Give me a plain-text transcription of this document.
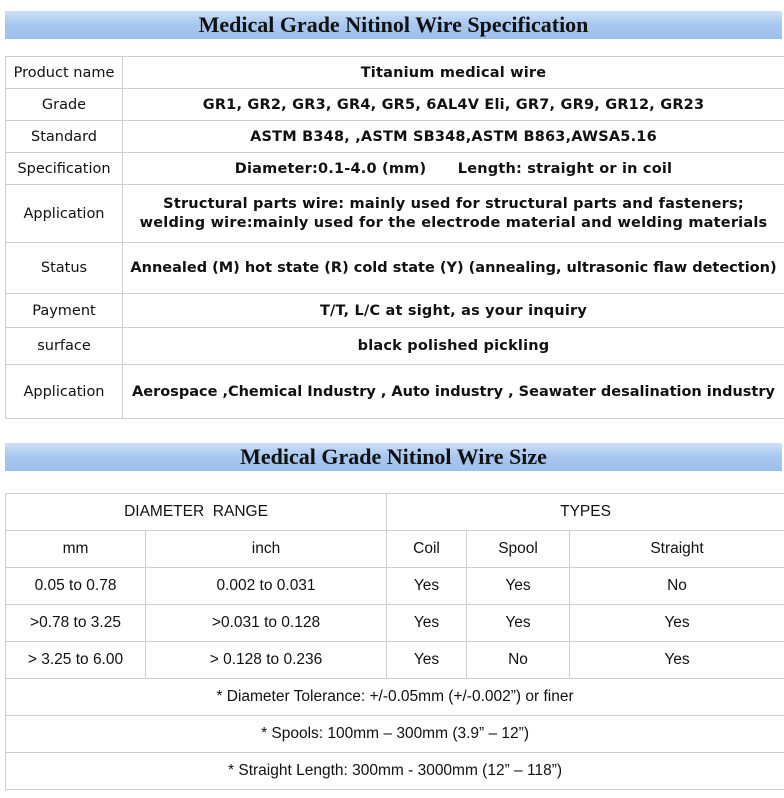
Medical Grade Nitinol Wire Specification
Product name	Titanium medical wire
Grade	GR1, GR2, GR3, GR4, GR5, 6AL4V Eli, GR7, GR9, GR12, GR23
Standard	ASTM B348, ,ASTM SB348,ASTM B863,AWSA5.16
Specification	Diameter:0.1-4.0 (mm)      Length: straight or in coil
Application	Structural parts wire: mainly used for structural parts and fasteners;
welding wire:mainly used for the electrode material and welding materials

Status	Annealed (M) hot state (R) cold state (Y) (annealing, ultrasonic flaw detection)
Payment	T/T, L/C at sight, as your inquiry
surface	black polished pickling
Application	Aerospace ,Chemical Industry , Auto industry , Seawater desalination industry
Medical Grade Nitinol Wire Size
DIAMETER  RANGE		TYPES		
mm	inch	Coil	Spool	Straight
0.05 to 0.78	0.002 to 0.031	Yes	Yes	No
>0.78 to 3.25	>0.031 to 0.128	Yes	Yes	Yes
> 3.25 to 6.00	> 0.128 to 0.236	Yes	No	Yes
* Diameter Tolerance: +/-0.05mm (+/-0.002”) or finer				
* Spools: 100mm – 300mm (3.9” – 12”)				
* Straight Length: 300mm - 3000mm (12” – 118”)				
